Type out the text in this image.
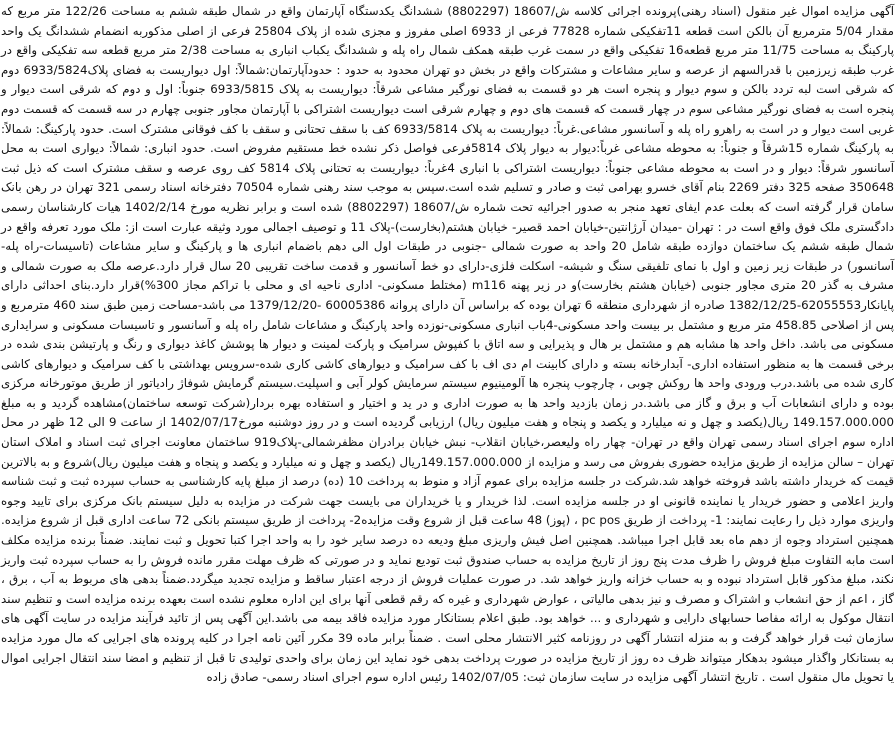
آگهی مزایده اموال غیر منقول (اسناد رهنی)پرونده اجرائی کلاسه ش/18607 (8802297) ششدانگ یکدستگاه آپارتمان واقع در شمال طبقه ششم به مساحت 122/26 متر مربع که مقدار 5/04 مترمربع آن بالکن است قطعه 11تفکیکی شماره 77828 فرعی از 6933 اصلی مفروز و مجزی شده از پلاک 25804 فرعی از اصلی مذکوربه انضمام ششدانگ یک واحد پارکینگ به مساحت 11/75 متر مربع قطعه16 تفکیکی واقع در سمت غرب طبقه همکف شمال راه پله و ششدانگ یکباب انباری به مساحت 2/38 متر مربع قطعه سه تفکیکی واقع در غرب طبقه زیرزمین با قدرالسهم از عرصه و سایر مشاعات و مشترکات واقع در بخش دو تهران محدود به حدود : حدودآپارتمان:شمالاً: اول دیواریست به فضای پلاک6933/5824 دوم که شرقی است لبه تردد بالکن و سوم دیوار و پنجره است هر دو قسمت به فضای نورگیر مشاعی شرقاً: دیواریست به پلاک 6933/5815 جنوباً: اول و دوم که شرقی است دیوار و پنجره است به فضای نورگیر مشاعی سوم در چهار قسمت که قسمت های دوم و چهارم شرقی است دیواریست اشتراکی با آپارتمان مجاور جنوبی چهارم در سه قسمت که قسمت دوم غربی است دیوار و در است به راهرو راه پله و آسانسور مشاعی.غرباً: دیواریست به پلاک 6933/5814 کف با سقف تحتانی و سقف با کف فوقانی مشترک است. حدود پارکینگ: شمالاً: به پارکینگ شماره 15شرقاً و جنوباً: به محوطه مشاعی غرباً:دیوار به دیوار پلاک 5814فرعی فواصل ذکر نشده خط مستقیم مفروض است. حدود انباری: شمالاً: دیواری است به محل آسانسور شرقاً: دیوار و در است به محوطه مشاعی جنوباً: دیواریست اشتراکی با انباری 4غرباً: دیواریست به تحتانی پلاک 5814 کف روی عرصه و سقف مشترک است که ذیل ثبت 350648 صفحه 325 دفتر 2269 بنام آقای خسرو بهرامی ثبت و صادر و تسلیم شده است.سپس به موجب سند رهنی شماره 70504 دفترخانه اسناد رسمی 321 تهران در رهن بانک سامان قرار گرفته است که بعلت عدم ایفای تعهد منجر به صدور اجرائیه تحت شماره ش/18607 (8802297) شده است و برابر نظریه مورخ 1402/2/14 هیات کارشناسان رسمی دادگستری ملک فوق واقع است در : تهران -میدان آرژانتین-خیابان احمد قصیر- خیابان هشتم(بخارست)-پلاک 11 و توصیف اجمالی مورد وثیقه عبارت است از: ملک مورد تعرفه واقع در شمال طبقه ششم یک ساختمان دوازده طبقه شامل 20 واحد به صورت شمالی -جنوبی در طبقات اول الی دهم باضمام انباری ها و پارکینگ و سایر مشاعات (تاسیسات-راه پله-آسانسور) در طبقات زیر زمین و اول با نمای تلفیقی سنگ و شیشه- اسکلت فلزی-دارای دو خط آسانسور و قدمت ساخت تقریبی 20 سال قرار دارد.عرصه ملک به صورت شمالی و مشرف به گذر 20 متری مجاور جنوبی (خیابان هشتم بخارست)و در زیر پهنه m116 (مختلط مسکونی- اداری ناحیه ای و محلی با تراکم مجاز 300%)قرار دارد.بنای احداثی دارای پایانکار62055553-1382/12/25 صادره از شهرداری منطقه 6 تهران بوده که براساس آن دارای پروانه 60005386 -1379/12/20 می باشد-مساحت زمین طبق سند 460 مترمربع و پس از اصلاحی 458.85 متر مربع و مشتمل بر بیست واحد مسکونی-4باب انباری مسکونی-نوزده واحد پارکینگ و مشاعات شامل راه پله و آسانسور و تاسیسات مسکونی و سرایداری مسکونی می باشد. داخل واحد ها مشابه هم و مشتمل بر هال و پذیرایی و سه اتاق با کفپوش سرامیک و پارکت لمینت و دیوار ها پوشش کاغذ دیواری و رنگ و پارتیشن بندی شده در برخی قسمت ها به منظور استفاده اداری- آبدارخانه بسته و دارای کابینت ام دی اف با کف سرامیک و دیوارهای کاشی کاری شده-سرویس بهداشتی با کف سرامیک و دیوارهای کاشی کاری شده می باشد.درب ورودی واحد ها روکش چوبی ، چارچوب پنجره ها آلومینیوم سیستم سرمایش کولر آبی و اسپلیت.سیستم گرمایش شوفاژ رادیاتور از طریق موتورخانه مرکزی بوده و دارای انشعابات آب و برق و گاز می باشد.در زمان بازدید واحد ها به صورت اداری و در ید و اختیار و استفاده بهره بردار(شرکت توسعه ساختمان)مشاهده گردید و به مبلغ 149.157.000.000 ریال(یکصد و چهل و نه میلیارد و یکصد و پنجاه و هفت میلیون ریال) ارزیابی گردیده است و در روز دوشنبه مورخ1402/07/17 از ساعت 9 الی 12 ظهر در محل اداره سوم اجرای اسناد رسمی تهران واقع در تهران- چهار راه ولیعصر،خیابان انقلاب- نبش خیابان برادران مظفرشمالی-پلاک919 ساختمان معاونت اجرای ثبت اسناد و املاک استان تهران – سالن مزایده از طریق مزایده حضوری بفروش می رسد و مزایده از 149.157.000.000ریال (یکصد و چهل و نه میلیارد و یکصد و پنجاه و هفت میلیون ریال)شروع و به بالاترین قیمت که خریدار داشته باشد فروخته خواهد شد.شرکت در جلسه مزایده برای عموم آزاد و منوط به پرداخت 10 (ده) درصد از مبلغ پایه کارشناسی به حساب سپرده ثبت و ثبت شناسه واریز اعلامی و حضور خریدار یا نماینده قانونی او در جلسه مزایده است. لذا خریدار و یا خریداران می بایست جهت شرکت در مزایده به دلیل سیستم بانک مرکزی برای تایید وجوه واریزی موارد ذیل را رعایت نمایند: 1- پرداخت از طریق pc pos ، (پوز) 48 ساعت قبل از شروع وقت مزایده2- پرداخت از طریق سیستم بانکی 72 ساعت اداری قبل از شروع مزایده. همچنین استرداد وجوه از دهم ماه بعد قابل اجرا میباشد. همچنین اصل فیش واریزی مبلغ ودیعه ده درصد سایر خود را به واحد اجرا کتبا تحویل و ثبت نمایند. ضمناً برنده مزایده مکلف است مابه التفاوت مبلغ فروش را ظرف مدت پنج روز از تاریخ مزایده به حساب صندوق ثبت تودیع نماید و در صورتی که ظرف مهلت مقرر مانده فروش را به حساب سپرده ثبت واریز نکند، مبلغ مذکور قابل استرداد نبوده و به حساب خزانه واریز خواهد شد. در صورت عملیات فروش از درجه اعتبار ساقط و مزایده تجدید میگردد.ضمناً بدهی های مربوط به آب ، برق ، گاز ، اعم از حق انشعاب و اشتراک و مصرف و نیز بدهی مالیاتی ، عوارض شهرداری و غیره که رقم قطعی آنها برای این اداره معلوم نشده است بعهده برنده مزایده است و تنظیم سند انتقال موکول به ارائه مفاصا حسابهای دارایی و شهرداری و ... خواهد بود. طبق اعلام بستانکار مورد مزایده فاقد بیمه می باشد.این آگهی پس از تائید فرآیند مزایده در سایت آگهی های سازمان ثبت قرار خواهد گرفت و به منزله انتشار آگهی در روزنامه کثیر الانتشار محلی است . ضمناً برابر ماده 39 مکرر آئین نامه اجرا در کلیه پرونده های اجرایی که مال مورد مزایده به بستانکار واگذار میشود بدهکار میتواند ظرف ده روز از تاریخ مزایده در صورت پرداخت بدهی خود نماید این زمان برای واحدی تولیدی تا قبل از تنظیم و امضا سند انتقال اجرایی اموال یا تحویل مال منقول است . تاریخ انتشار آگهی مزایده در سایت سازمان ثبت: 1402/07/05 رئیس اداره سوم اجرای اسناد رسمی- صادق زاده
